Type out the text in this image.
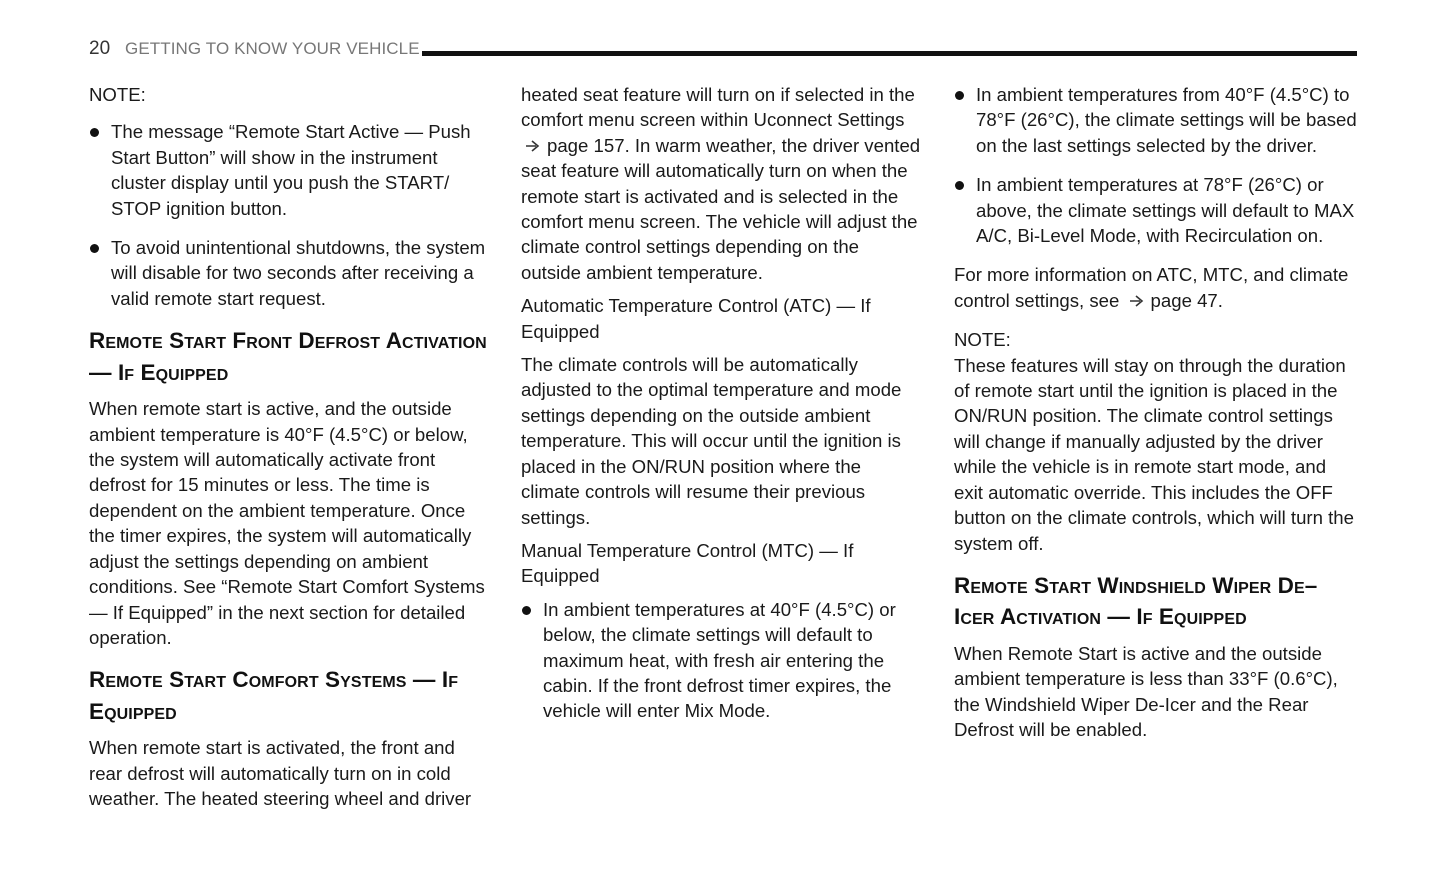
20 GETTING TO KNOW YOUR VEHICLE

NOTE:

The message “Remote Start Active — Push Start Button” will show in the instrument cluster display until you push the START/ STOP ignition button.
To avoid unintentional shutdowns, the system will disable for two seconds after receiving a valid remote start request.
Remote Start Front Defrost Activation — If Equipped

When remote start is active, and the outside ambient temperature is 40°F (4.5°C) or below, the system will automatically activate front defrost for 15 minutes or less. The time is dependent on the ambient temperature. Once the timer expires, the system will automatically adjust the settings depending on ambient conditions. See “Remote Start Comfort Systems — If Equipped” in the next section for detailed operation.

Remote Start Comfort Systems — If Equipped

When remote start is activated, the front and rear defrost will automatically turn on in cold weather. The heated steering wheel and driver

heated seat feature will turn on if selected in the comfort menu screen within Uconnect Settings page 157. In warm weather, the driver vented seat feature will automatically turn on when the remote start is activated and is selected in the comfort menu screen. The vehicle will adjust the climate control settings depending on the outside ambient temperature.

Automatic Temperature Control (ATC) — If Equipped

The climate controls will be automatically adjusted to the optimal temperature and mode settings depending on the outside ambient temperature. This will occur until the ignition is placed in the ON/RUN position where the climate controls will resume their previous settings.

Manual Temperature Control (MTC) — If Equipped

In ambient temperatures at 40°F (4.5°C) or below, the climate settings will default to maximum heat, with fresh air entering the cabin. If the front defrost timer expires, the vehicle will enter Mix Mode.
In ambient temperatures from 40°F (4.5°C) to 78°F (26°C), the climate settings will be based on the last settings selected by the driver.
In ambient temperatures at 78°F (26°C) or above, the climate settings will default to MAX A/C, Bi-Level Mode, with Recirculation on.

For more information on ATC, MTC, and climate control settings, see page 47.

NOTE:

These features will stay on through the duration of remote start until the ignition is placed in the ON/RUN position. The climate control settings will change if manually adjusted by the driver while the vehicle is in remote start mode, and exit automatic override. This includes the OFF button on the climate controls, which will turn the system off.

Remote Start Windshield Wiper De–Icer Activation — If Equipped

When Remote Start is active and the outside ambient temperature is less than 33°F (0.6°C), the Windshield Wiper De-Icer and the Rear Defrost will be enabled.
